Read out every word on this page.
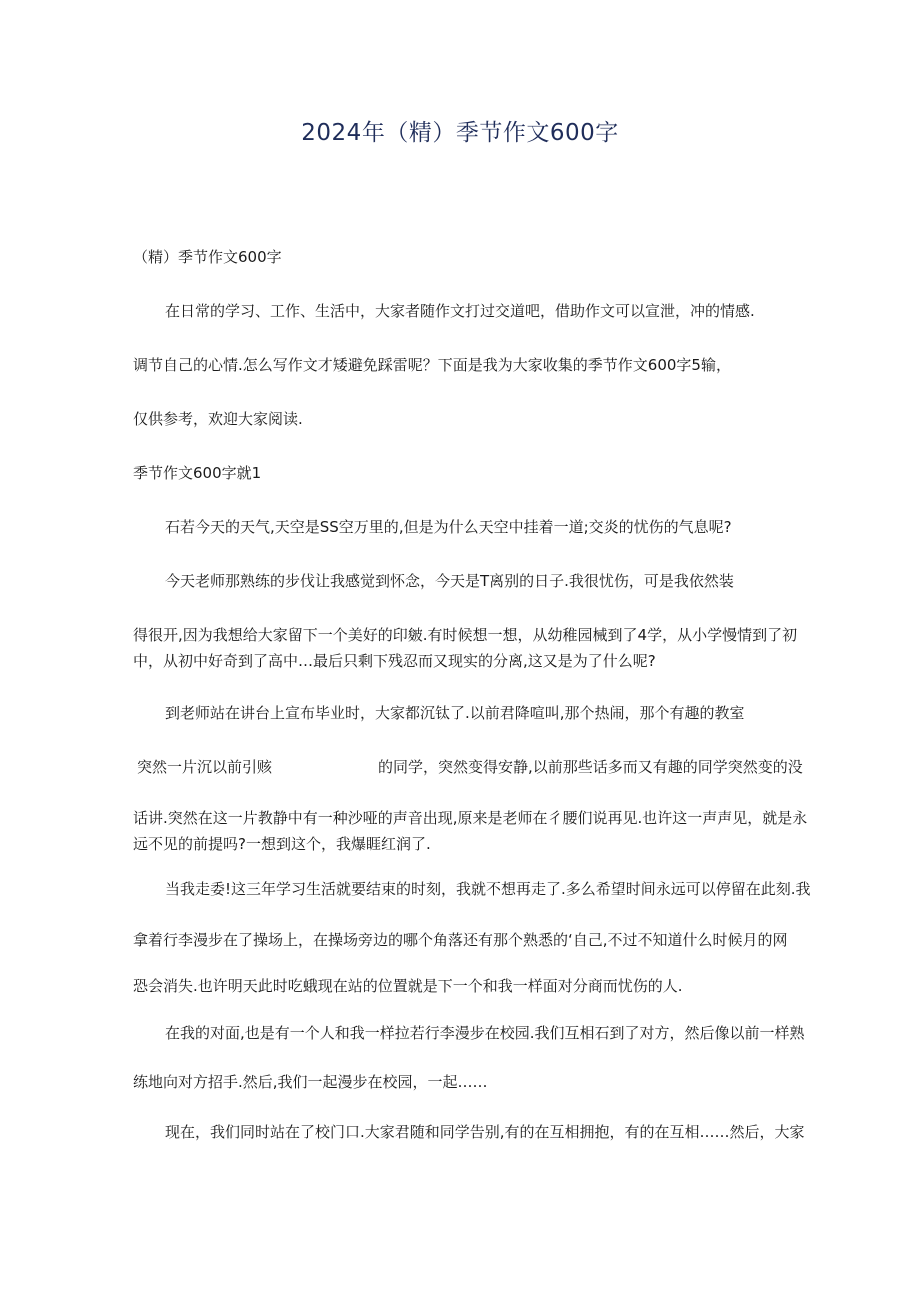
2024年（精）季节作文600字
（精）季节作文600字
在日常的学习、工作、生活中，大家者随作文打过交道吧，借助作文可以宣泄，冲的情感.
调节自己的心情.怎么写作文才矮避免踩雷呢？下面是我为大家收集的季节作文600字5输，
仅供参考，欢迎大家阅读.
季节作文600字就1
石若今天的天气,天空是SS空万里的,但是为什么天空中挂着一道;交炎的忧伤的气息呢?
今天老师那熟练的步伐让我感觉到怀念，今天是T离别的日子.我很忧伤，可是我依然装
得很开,因为我想给大家留下一个美好的印皴.有时候想一想，从幼稚园械到了4学，从小学慢情到了初
中，从初中好奇到了高中…最后只剩下残忍而又现实的分离,这又是为了什么呢?
到老师站在讲台上宣布毕业时，大家都沉钛了.以前君降喧叫,那个热闹，那个有趣的教室
突然一片沉以前引赅	的同学，突然变得安静,以前那些话多而又有趣的同学突然变的没
话讲.突然在这一片教静中有一种沙哑的声音出现,原来是老师在彳腰们说再见.也许这一声声见，就是永
远不见的前提吗?一想到这个，我爆睚红润了.
当我走委!这三年学习生活就要结束的时刻，我就不想再走了.多么希望时间永远可以停留在此刻.我
拿着行李漫步在了操场上，在操场旁边的哪个角落还有那个熟悉的‘自己,不过不知道什么时候月的网
恐会消失.也许明天此时吃蛾现在站的位置就是下一个和我一样面对分商而忧伤的人.
在我的对面,也是有一个人和我一样拉若行李漫步在校园.我们互相石到了对方，然后像以前一样熟
练地向对方招手.然后,我们一起漫步在校园，一起……
现在，我们同时站在了校门口.大家君随和同学告别,有的在互相拥抱，有的在互相……然后，大家
